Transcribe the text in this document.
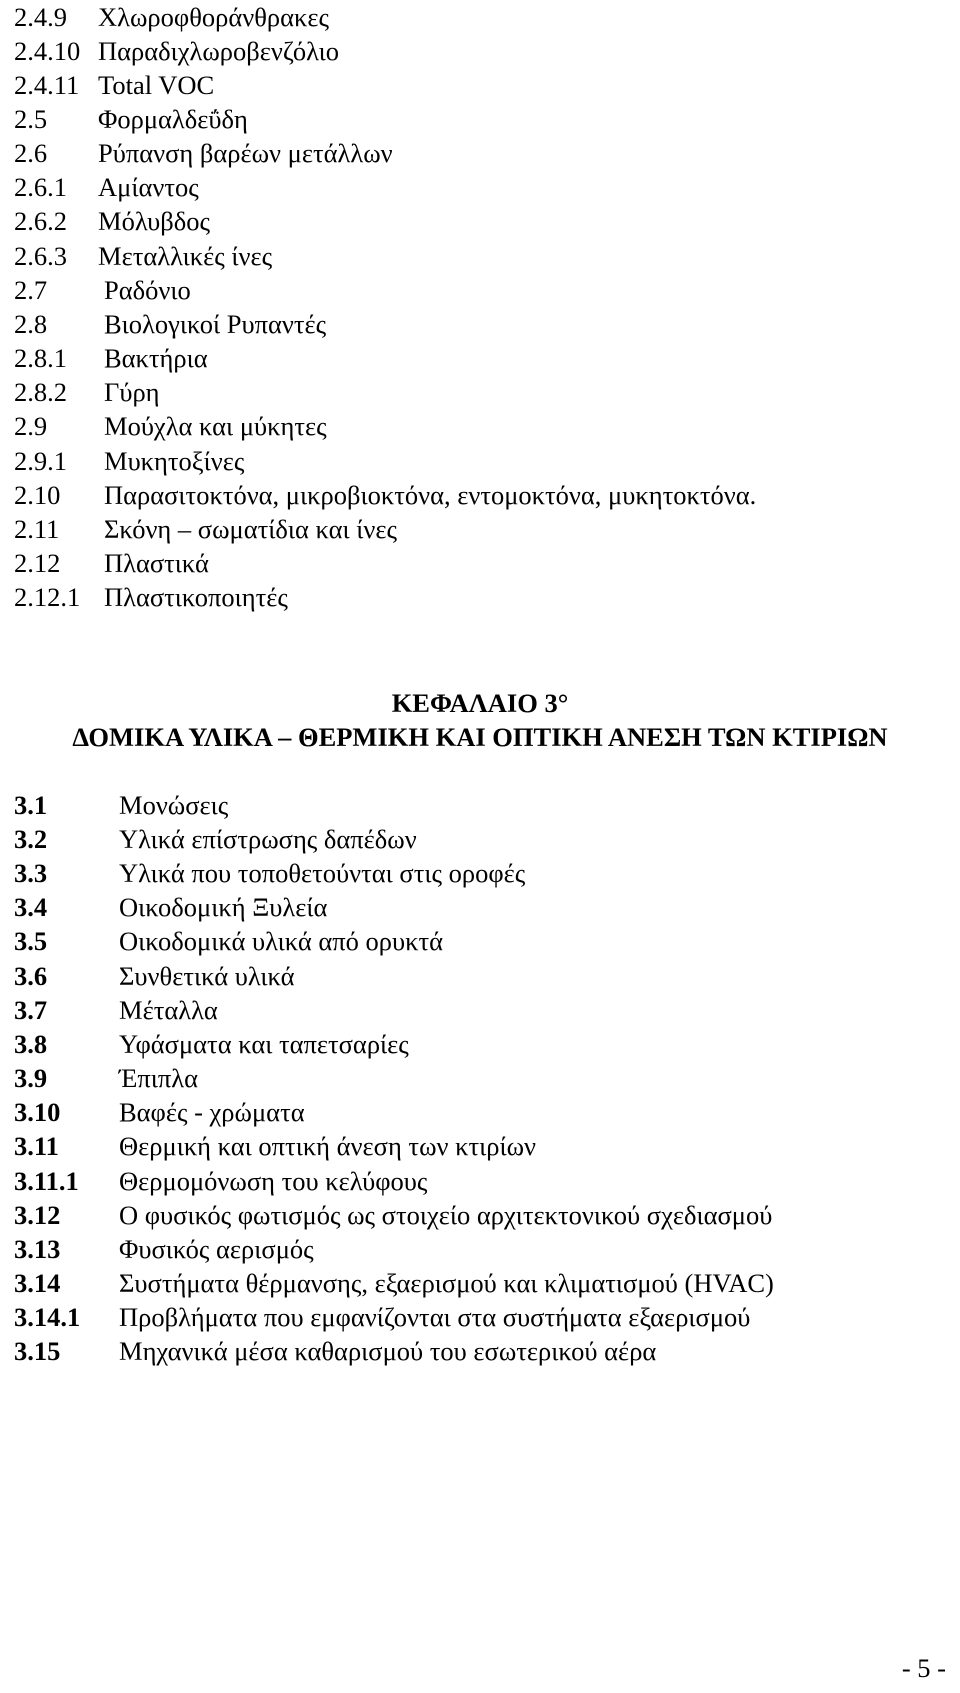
2.4.9 Χλωροφθοράνθρακες
2.4.10 Παραδιχλωροβενζόλιο
2.4.11 Total VOC
2.5 Φορμαλδεΰδη
2.6 Ρύπανση βαρέων μετάλλων
2.6.1 Αμίαντος
2.6.2 Μόλυβδος
2.6.3 Μεταλλικές ίνες
2.7 Ραδόνιο
2.8 Βιολογικοί Ρυπαντές
2.8.1 Βακτήρια
2.8.2 Γύρη
2.9 Μούχλα και μύκητες
2.9.1 Μυκητοξίνες
2.10 Παρασιτοκτόνα, μικροβιοκτόνα, εντομοκτόνα, μυκητοκτόνα.
2.11 Σκόνη – σωματίδια και ίνες
2.12 Πλαστικά
2.12.1 Πλαστικοποιητές
ΚΕΦΑΛΑΙΟ 3°
ΔΟΜΙΚΑ ΥΛΙΚΑ – ΘΕΡΜΙΚΗ ΚΑΙ ΟΠΤΙΚΗ ΑΝΕΣΗ ΤΩΝ ΚΤΙΡΙΩΝ
3.1	Μονώσεις
3.2	Υλικά επίστρωσης δαπέδων
3.3	Υλικά που τοποθετούνται στις οροφές
3.4	Οικοδομική Ξυλεία
3.5	Οικοδομικά υλικά από ορυκτά
3.6	Συνθετικά υλικά
3.7	Μέταλλα
3.8	Υφάσματα και ταπετσαρίες
3.9	Έπιπλα
3.10 Βαφές - χρώματα
3.11 Θερμική και οπτική άνεση των κτιρίων
3.11.1 Θερμομόνωση του κελύφους
3.12 Ο φυσικός φωτισμός ως στοιχείο αρχιτεκτονικού σχεδιασμού
3.13 Φυσικός αερισμός
3.14 Συστήματα θέρμανσης, εξαερισμού και κλιματισμού (HVAC)
3.14.1 Προβλήματα που εμφανίζονται στα συστήματα εξαερισμού
3.15 Μηχανικά μέσα καθαρισμού του εσωτερικού αέρα
- 5 -
